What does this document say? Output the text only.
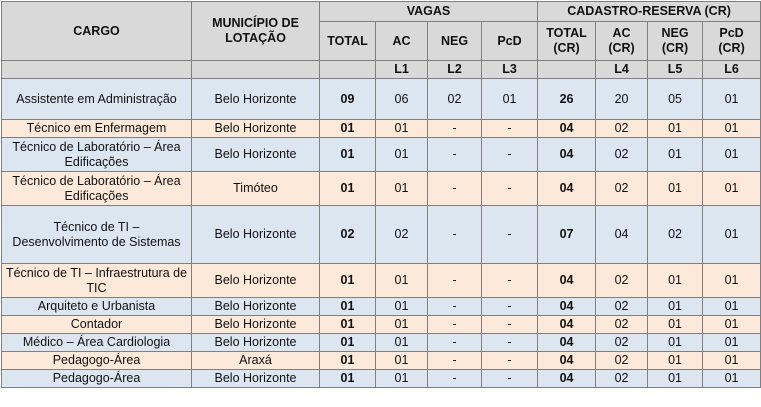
CARGO	MUNICÍPIO DE LOTAÇÃO	VAGAS				CADASTRO-RESERVA (CR)			
		TOTAL	AC	NEG	PcD	TOTAL (CR)	AC (CR)	NEG (CR)	PcD (CR)
			L1	L2	L3		L4	L5	L6
Assistente em Administração	Belo Horizonte	09	06	02	01	26	20	05	01
Técnico em Enfermagem	Belo Horizonte	01	01	-	-	04	02	01	01
Técnico de Laboratório – Área Edificações	Belo Horizonte	01	01	-	-	04	02	01	01
Técnico de Laboratório – Área Edificações	Timóteo	01	01	-	-	04	02	01	01
Técnico de TI – Desenvolvimento de Sistemas	Belo Horizonte	02	02	-	-	07	04	02	01
Técnico de TI – Infraestrutura de TIC	Belo Horizonte	01	01	-	-	04	02	01	01
Arquiteto e Urbanista	Belo Horizonte	01	01	-	-	04	02	01	01
Contador	Belo Horizonte	01	01	-	-	04	02	01	01
Médico – Área Cardiologia	Belo Horizonte	01	01	-	-	04	02	01	01
Pedagogo-Área	Araxá	01	01	-	-	04	02	01	01
Pedagogo-Área	Belo Horizonte	01	01	-	-	04	02	01	01
